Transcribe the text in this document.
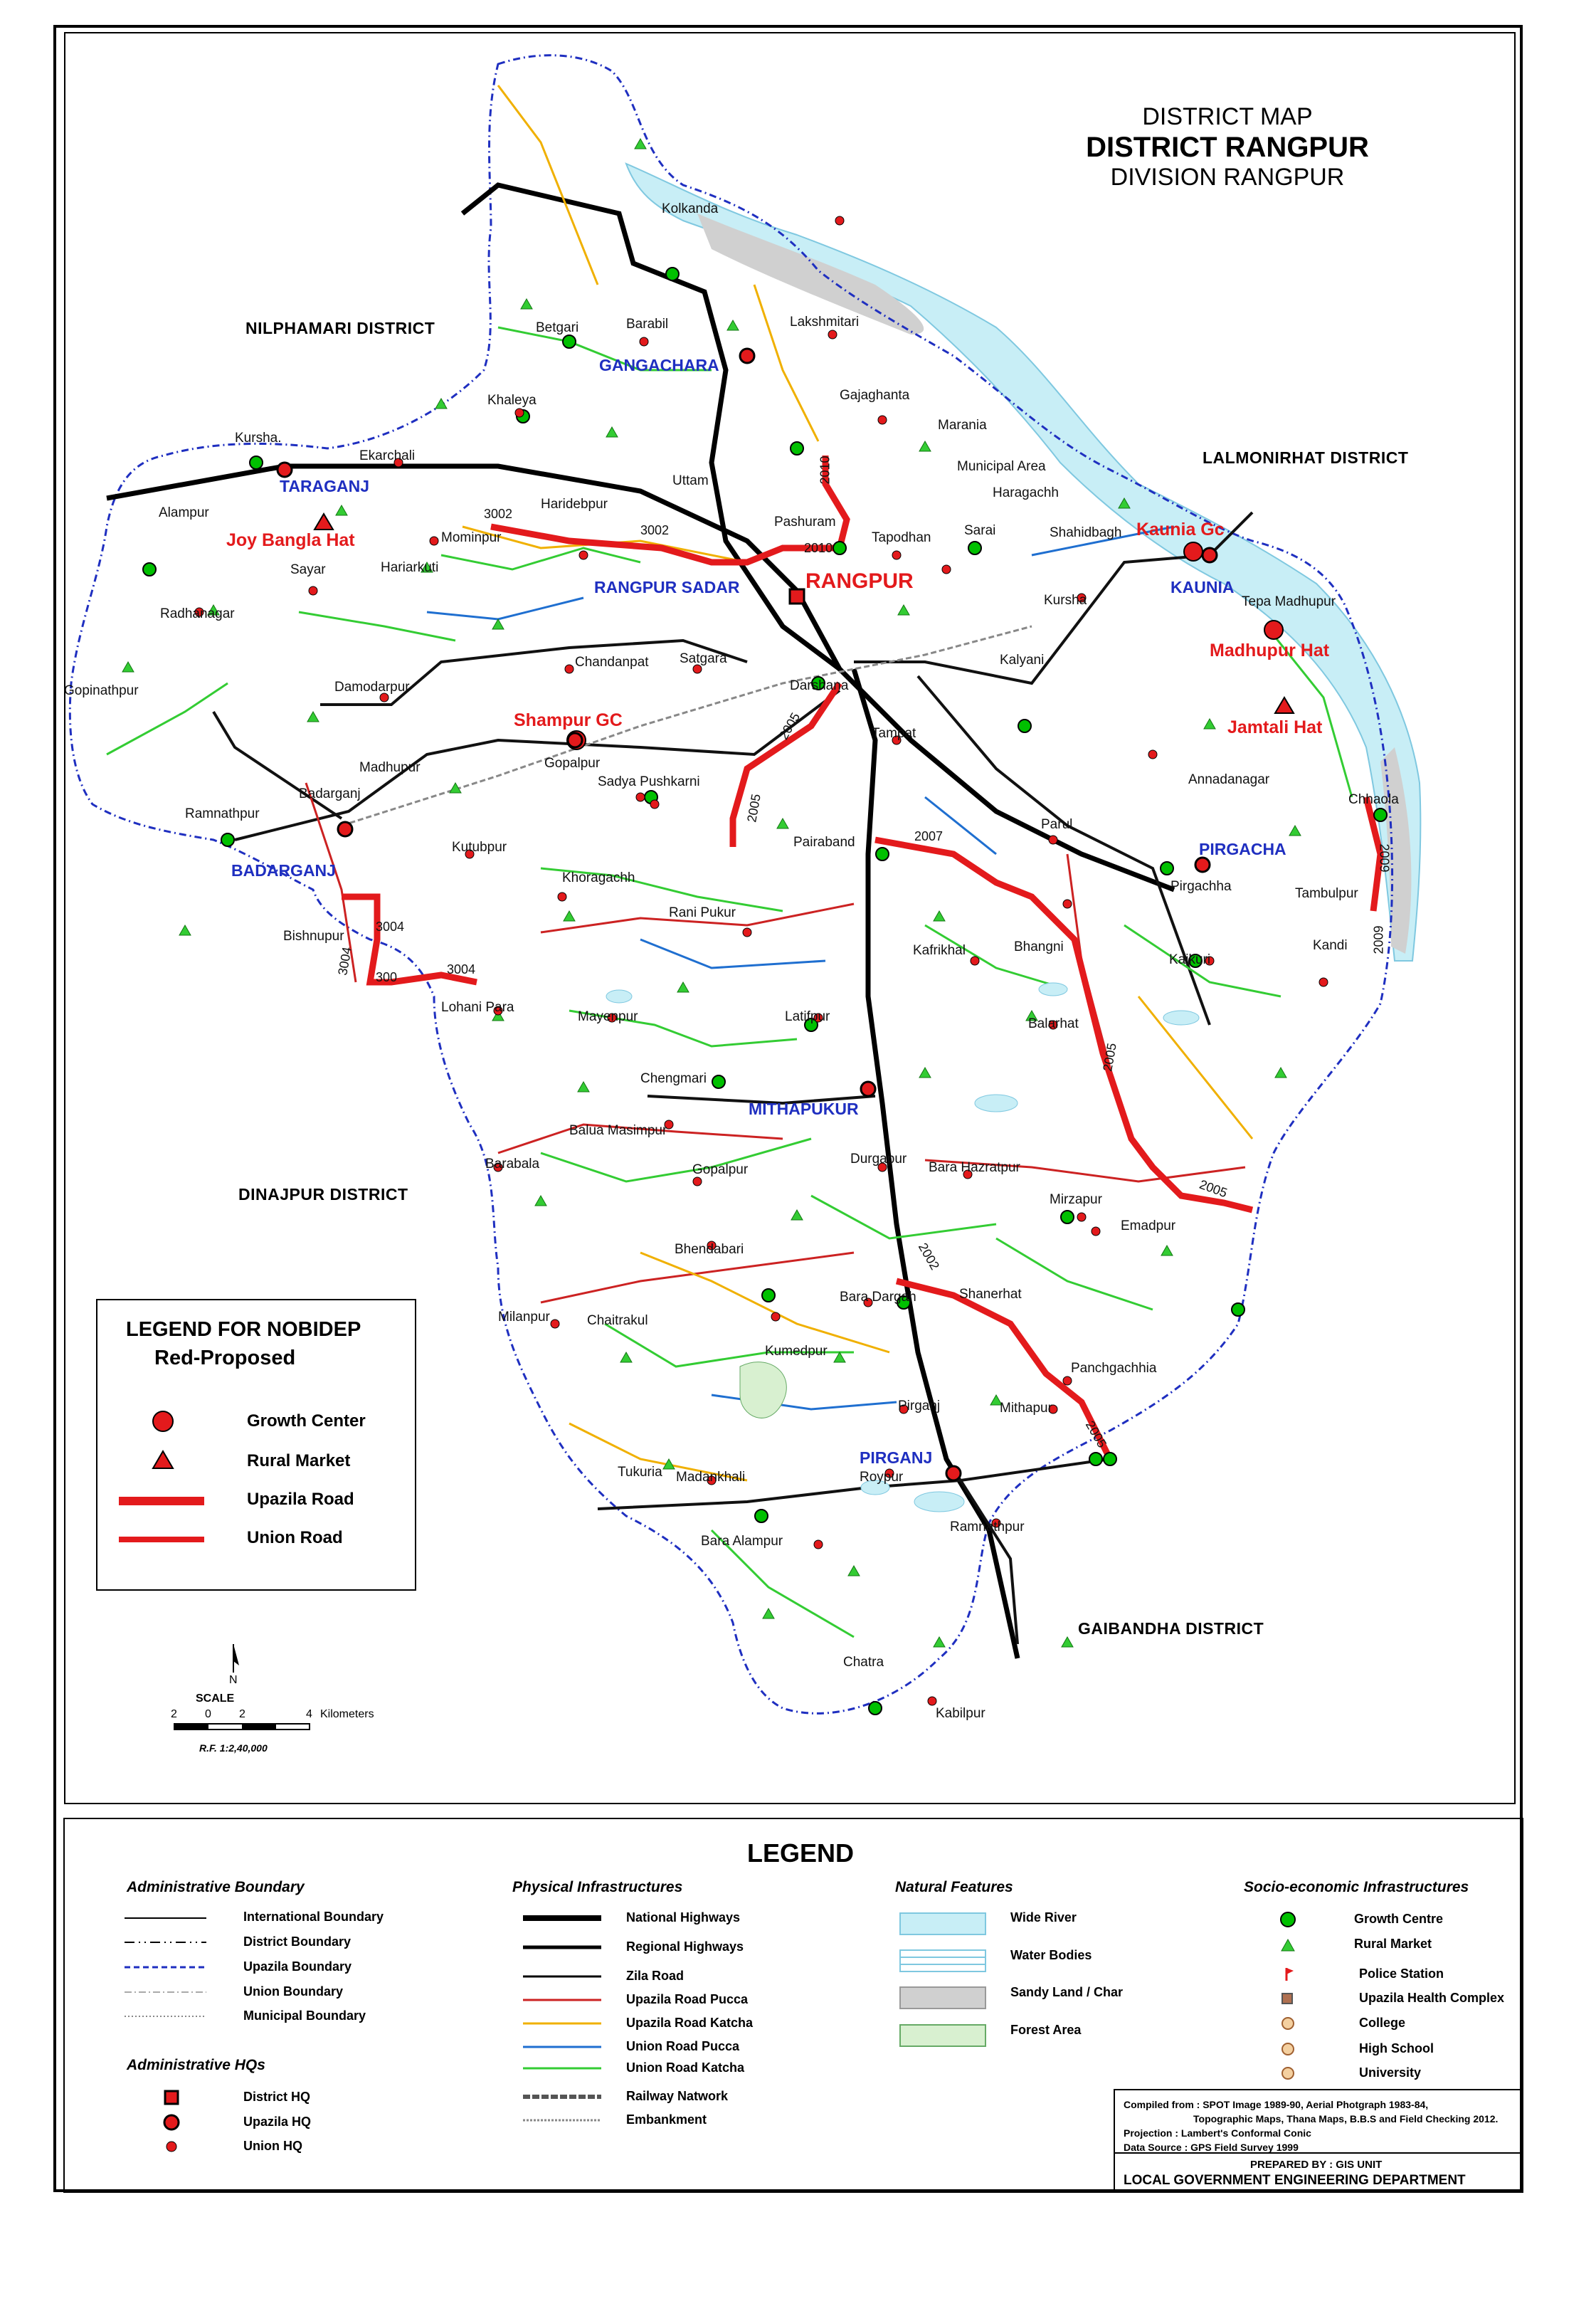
DISTRICT MAP
DISTRICT RANGPUR
DIVISION RANGPUR
NILPHAMARI DISTRICT
LALMONIRHAT DISTRICT
DINAJPUR DISTRICT
GAIBANDHA DISTRICT
GANGACHARA
TARAGANJ
RANGPUR SADAR	KAUNIA
BADARGANJ
PIRGACHA
MITHAPUKUR
PIRGANJ
RANGPUR
Joy Bangla Hat
Kaunia Gc
Madhupur Hat
Jamtali Hat
Shampur GC
Kolkanda
Betgari	Barabil	Lakshmitari
Gajaghanta
Marania
Khaleya
Kursha.
Ekarchali
Alampur
Sayar	Hariarkuti
Radhanagar
Haridebpur
Mominpur
Uttam
Pashuram
Tapodhan
Municipal Area
Haragachh
Sarai	Shahidbagh
Kursha	Tepa Madhupur
Gopinathpur	Damodarpur
Chandanpat Satgara
Darshana
Kalyani
Tampat
Madhupur	Gopalpur
Sadya Pushkarni	Annadanagar
Chhaola
Badarganj
Ramnathpur
Kutubpur	Pairaband
Parul
Pirgachha	Tambulpur
Khoragachh
Rani Pukur
Bishnupur
Kafrikhal	Bhangni
Kaikuri
Kandi
Lohani Para
Mayenpur	Latifpur	Balarhat
Chengmari
Balua Masimpur
Barabala	Durgapur
Bara Hazratpur
Gopalpur
Mirzapur
Emadpur
Bhendabari
Milanpur	Chaitrakul
Bara Dargah	Shanerhat
Kumedpur
Panchgachhia
Pirganj	Mithapur
Tukuria Madankhali	Roypur
Ramnathpur
Bara Alampur
Chatra
Kabilpur
2010
2010
3002
3002
2005
2005
2005
2005
2007
2009
2009
3004
3004	3004
300
2002
2005
LEGEND FOR NOBIDEP
Red-Proposed
Growth Center
Rural Market
Upazila Road
Union Road
N
SCALE
2 0 2	4 Kilometers
R.F. 1:2,40,000
LEGEND
Administrative Boundary
International Boundary
District Boundary
Upazila Boundary
Union Boundary
Municipal Boundary
Administrative HQs
District HQ
Upazila HQ
Union HQ
Physical Infrastructures
National Highways
Regional Highways
Zila Road
Upazila Road Pucca
Upazila Road Katcha
Union Road Pucca
Union Road Katcha
Railway Natwork
Embankment
Natural Features
Wide River
Water Bodies
Sandy Land / Char
Forest Area
Socio-economic Infrastructures
Growth Centre
Rural Market
Police Station
Upazila Health Complex
College
High School
University
Compiled from : SPOT Image 1989-90, Aerial Photgraph 1983-84,
Topographic Maps, Thana Maps, B.B.S and Field Checking 2012.
Projection : Lambert's Conformal Conic
Data Source : GPS Field Survey 1999
PREPARED BY : GIS UNIT
LOCAL GOVERNMENT ENGINEERING DEPARTMENT
